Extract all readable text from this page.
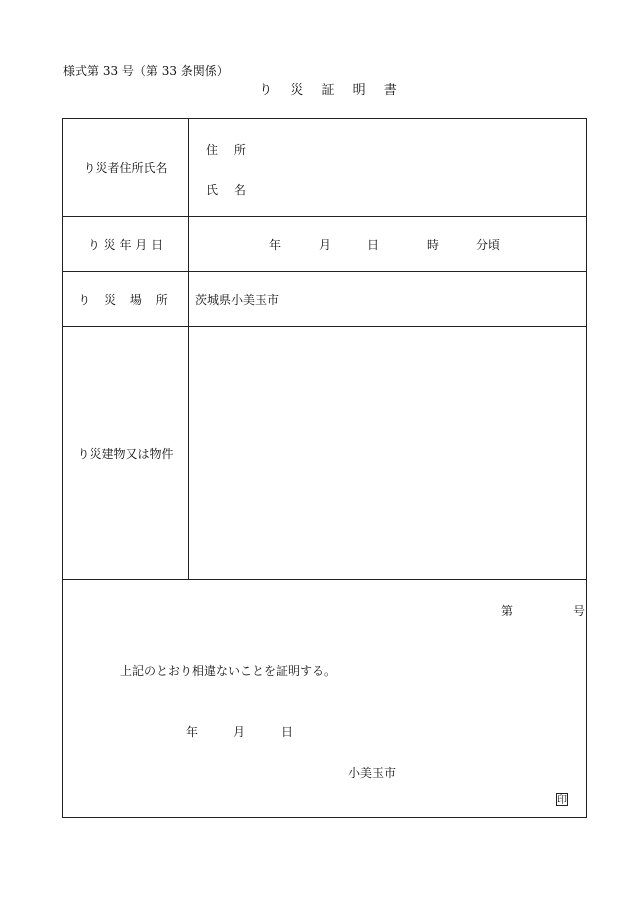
様式第 33 号（第 33 条関係）
り 災 証 明 書
り災者住所氏名
住 所
氏 名
り 災 年 月 日	年	月	日	時	分頃
り 災 場 所	茨城県小美玉市
り災建物又は物件
第	号
上記のとおり相違ないことを証明する。
年	月	日
小美玉市
印
